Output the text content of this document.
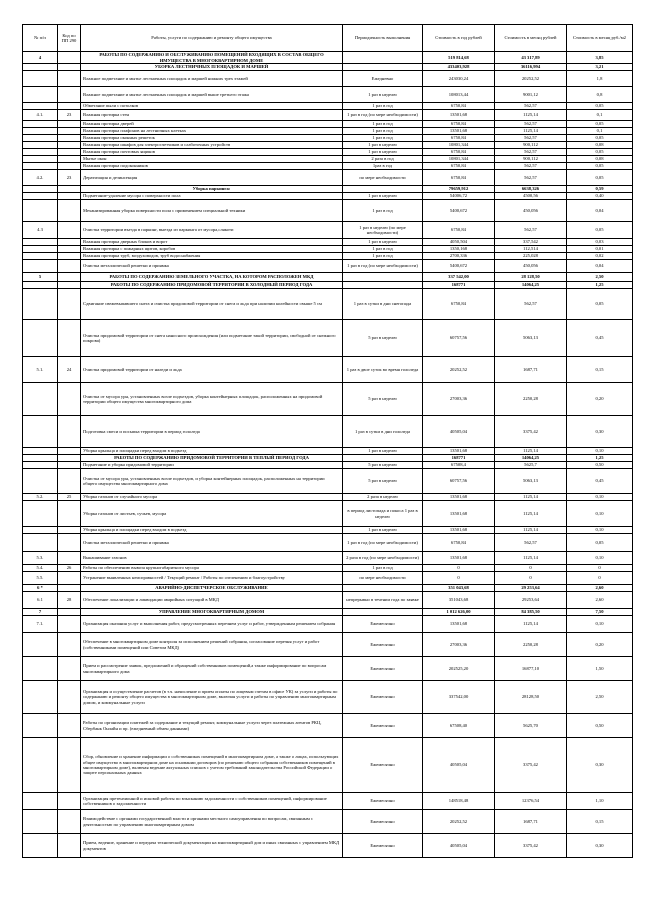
№ п/п	Код по ПП 290	Работы, услуги по содержанию и ремонту общего имущества	Периодичность выполнения	Стоимость в год рублей	Стоимость в месяц рублей	Стоимость в месяц руб./м2
4		РАБОТЫ ПО СОДЕРЖАНИЮ И ОБСЛУЖИВАНИЮ ПОМЕЩЕНИЙ ВХОДЯЩИХ В СОСТАВ ОБЩЕГО ИМУЩЕСТВА В МНОГОКВАРТИРНОМ ДОМЕ		519 814,68	43 317,89	3,85
		УБОРКА ЛЕСТНИЧНЫХ ПЛОЩАДОК И МАРШЕЙ		433403,928	36116,994	3,21
		Влажное подметание и мытье лестничных площадок и маршей нижних трех этажей	Ежедневно	243030,24	20252,52	1,8
		Влажное подметание и мытье лестничных площадок и маршей выше третьего этажа	1 раз в неделю	108013,44	9001,12	0,8
		Обметание пыли с потолков	1 раз в год	6750,84	562,57	0,05
4.1.	23	Влажная протирка стен	1 раз в год (по мере необходимости)	13501,68	1125,14	0,1
		Влажная протирка дверей	1 раз в год	6750,84	562,57	0,05
		Влажная протирка плафонов на лестничных клетках	1 раз в год	13501,68	1125,14	0,1
		Влажная протирка оконных решеток	1 раз в год	6750,84	562,57	0,05
		Влажная протирка шкафов для электросчетчиков и слаботочных устройств	1 раз в неделю	10801,344	900,112	0,08
		Влажная протирка почтовых ящиков	1 раз в неделю	6750,84	562,57	0,05
		Мытье окон	2 раза в год	10801,344	900,112	0,08
		Влажная протирка подоконников	1раз в год	6750,84	562,57	0,05
4.2.	23	Дератизация и дезинсекция	по мере необходимости	6750,84	562,57	0,05
		Уборка паркинга:		79659,912	6638,326	0,59
		Подметание-удаление мусора с поверхности пола	1 раз в неделю	54006,72	4500,56	0,40
		Механизированная уборка поверхности пола с применением специальной техники	1 раз в год	5400,672	450,056	0,04
4.3		Очистка территории въезда в паркинг, выезда из паркинга от мусора,слякоти	1 раз в неделю (по мере необходимости)	6750,84	562,57	0,05
		Влажная протирка дверных блоков и ворот	1 раз в неделю	4050,504	337,542	0,03
		Влажная протирка с пожарных щитов, коробов	1 раз в год	1350,168	112,514	0,01
		Влажная протирка труб, воздуховодов, труб водоснабжения	1 раз в год	2700,336	225,028	0,02
		Очистка металлической решетки и приямка	1 раз в год (по мере необходимости)	5400,672	450,056	0,04
5		РАБОТЫ ПО СОДЕРЖАНИЮ ЗЕМЕЛЬНОГО УЧАСТКА, НА КОТОРОМ РАСПОЛОЖЕН МКД		337 542,00	28 128,50	2,50
		РАБОТЫ ПО СОДЕРЖАНИЮ ПРИДОМОВОЙ ТЕРРИТОРИИ В ХОЛОДНЫЙ ПЕРИОД ГОДА		168771	14064,25	1,25
		Сдвигание свежевыпавшего снега и очистка придомовой территории от снега и льда при наличии колейности свыше 5 см	1 раз в сутки в дни снегопада	6750,84	562,57	0,05
		Очистка придомовой территории от снега наносного происхождения (или подметание такой территории, свободной от снежного покрова)	5 раз в неделю	60757,56	5063,13	0,45
5.1.	24	Очистка придомовой территории от наледи и льда	1 раз в двое суток во время гололеда	20252,52	1687,71	0,15
		Очистка от мусора урн, установленных возле подъездов, уборка контейнерных площадок, расположенных на придомовой территории общего имущества многоквартирного дома	5 раз в неделю	27003,36	2250,28	0,20
		Подготовка смеси и посыпка территории в период гололеда	1 раз в сутки в дни гололеда	40505,04	3375,42	0,30
		Уборка крыльца и площадки перед входом в подъезд	1 раз в неделю	13501,68	1125,14	0,10
		РАБОТЫ ПО СОДЕРЖАНИЮ ПРИДОМОВОЙ ТЕРРИТОРИИ В ТЕПЛЫЙ ПЕРИОД ГОДА		168771	14064,25	1,25
		Подметание и уборка придомовой территории	5 раз в неделю	67508,4	5625,7	0,50
		Очистка от мусора урн, установленных возле подъездов, и уборка контейнерных площадок, расположенных на территории общего имущества многоквартирного дома	5 раз в неделю	60757,56	5063,13	0,45
5.2.	25	Уборка газонов от случайного мусора	2 раза в неделю	13501,68	1125,14	0,10
		Уборка газонов от листьев, сучьев, мусора	в период листопада и покоса 1 раз в неделю	13501,68	1125,14	0,10
		Уборка крыльца и площадки перед входом в подъезд	1 раз в неделю	13501,68	1125,14	0,10
		Очистка металлической решетки и приямка	1 раз в год (по мере необходимости)	6750,84	562,57	0,05
5.3.		Выкашивание газонов	2 раза в год (по мере необходимости)	13501,68	1125,14	0,10
5.4.	26	Работы по обеспечению вывоза крупногабаритного мусора	1 раз в год	0	0	0
5.5.		Устранение выявленных неисправностей / Текущий ремонт / Работы по озеленению и благоустройству	по мере необходимости	0	0	0
6 *		АВАРИЙНО-ДИСПЕТЧЕРСКОЕ ОБСЛУЖИВАНИЕ		351 043,68	29 253,64	2,60
6.1	28	Обеспечение локализации и ликвидации аварийных ситуаций в МКД	непрерывно в течении года по заявке	351043,68	29253,64	2,60
7		УПРАВЛЕНИЕ МНОГОКВАРТИРНЫМ ДОМОМ		1 012 626,00	84 385,50	7,50
7.1.		Организация оказания услуг и выполнения работ, предусмотренных перечнем услуг и работ, утвержденным решением собрания	Ежемесячно	13501,68	1125,14	0,10
		Обеспечение в многоквартирном доме контроля за исполнением решений собрания, согласование перечня услуг и работ (собственниками помещений или Советом МКД)	Ежемесячно	27003,36	2250,28	0,20
		Прием и рассмотрение заявок, предложений и обращений собственников помещений,а также информирование по вопросам многоквартирного дома	Ежемесячно	202525,20	16877,10	1,50
		Организация и осуществление расчетов (в т.ч. начисление и прием оплаты по лицевым счетам в офисе УК) за услуги и работы по содержанию и ремонту общего имущества в многоквартирном доме, включая услуги и работы по управлению многоквартирным домом, и коммунальные услуги	Ежемесячно	337542,00	28128,50	2,50
		Работы по организации платежей за содержание и текущий ремонт, коммунальные услуги через платежных агентов РКЦ, Сбербанк Онлайн и пр. (ежедневный обмен данными)	Ежемесячно	67508,40	5625,70	0,50
		Сбор, обновление и хранение информации о собственниках помещений в многоквартирном доме, а также о лицах, использующих общее имущество в многоквартирном доме на основании договоров (по решению общего собрания собственников помещений в многоквартирном доме), включая ведение актуальных списков с учетом требований законодательства Российской Федерации о защите персональных данных	Ежемесячно	40505,04	3375,42	0,30
		Организация претензионной и исковой работы по взысканию задолженности с собственников помещений, информирование собственников о задолженности	Ежемесячно	148518,48	12376,54	1,10
		Взаимодействие с органами государственной власти и органами местного самоуправления по вопросам, связанным с деятельностью по управлению многоквартирным домом	Ежемесячно	20252,52	1687,71	0,15
		Прием, ведение, хранение и передача технической документации на многоквартирный дом и иных связанных с управлением МКД документов	Ежемесячно	40505,04	3375,42	0,30
